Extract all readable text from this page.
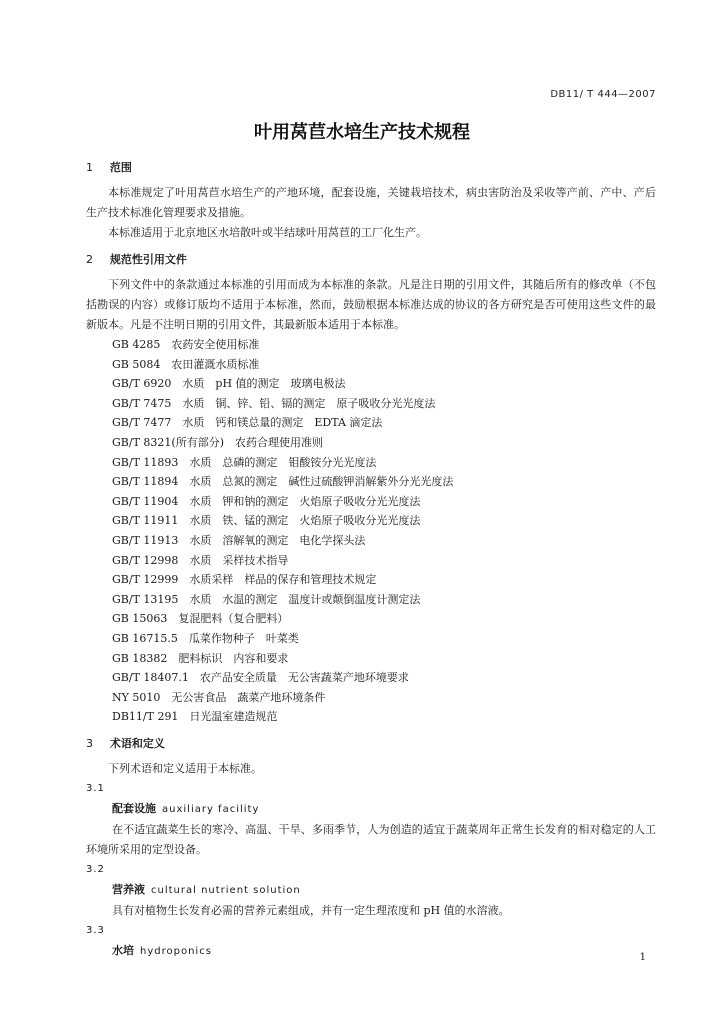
DB11/ T 444—2007
叶用莴苣水培生产技术规程
1 范围

本标准规定了叶用莴苣水培生产的产地环境，配套设施，关键栽培技术，病虫害防治及采收等产前、产中、产后生产技术标准化管理要求及措施。

本标准适用于北京地区水培散叶或半结球叶用莴苣的工厂化生产。

2 规范性引用文件

下列文件中的条款通过本标准的引用而成为本标准的条款。凡是注日期的引用文件，其随后所有的修改单（不包括勘误的内容）或修订版均不适用于本标准，然而，鼓励根据本标准达成的协议的各方研究是否可使用这些文件的最新版本。凡是不注明日期的引用文件，其最新版本适用于本标准。

GB 4285　农药安全使用标准
GB 5084　农田灌溉水质标准
GB/T 6920　水质　pH 值的测定　玻璃电极法
GB/T 7475　水质　铜、锌、铅、镉的测定　原子吸收分光光度法
GB/T 7477　水质　钙和镁总量的测定　EDTA 滴定法
GB/T 8321(所有部分)　农药合理使用准则
GB/T 11893　水质　总磷的测定　钼酸铵分光光度法
GB/T 11894　水质　总氮的测定　碱性过硫酸钾消解紫外分光光度法
GB/T 11904　水质　钾和钠的测定　火焰原子吸收分光光度法
GB/T 11911　水质　铁、锰的测定　火焰原子吸收分光光度法
GB/T 11913　水质　溶解氧的测定　电化学探头法
GB/T 12998　水质　采样技术指导
GB/T 12999　水质采样　样品的保存和管理技术规定
GB/T 13195　水质　水温的测定　温度计或颠倒温度计测定法
GB 15063　复混肥料（复合肥料）
GB 16715.5　瓜菜作物种子　叶菜类
GB 18382　肥料标识　内容和要求
GB/T 18407.1　农产品安全质量　无公害蔬菜产地环境要求
NY 5010　无公害食品　蔬菜产地环境条件
DB11/T 291　日光温室建造规范
3 术语和定义

下列术语和定义适用于本标准。

3.1
配套设施 auxiliary facility

在不适宜蔬菜生长的寒冷、高温、干旱、多雨季节，人为创造的适宜于蔬菜周年正常生长发育的相对稳定的人工环境所采用的定型设备。

3.2
营养液 cultural nutrient solution

具有对植物生长发育必需的营养元素组成，并有一定生理浓度和 pH 值的水溶液。

3.3
水培 hydroponics
1
